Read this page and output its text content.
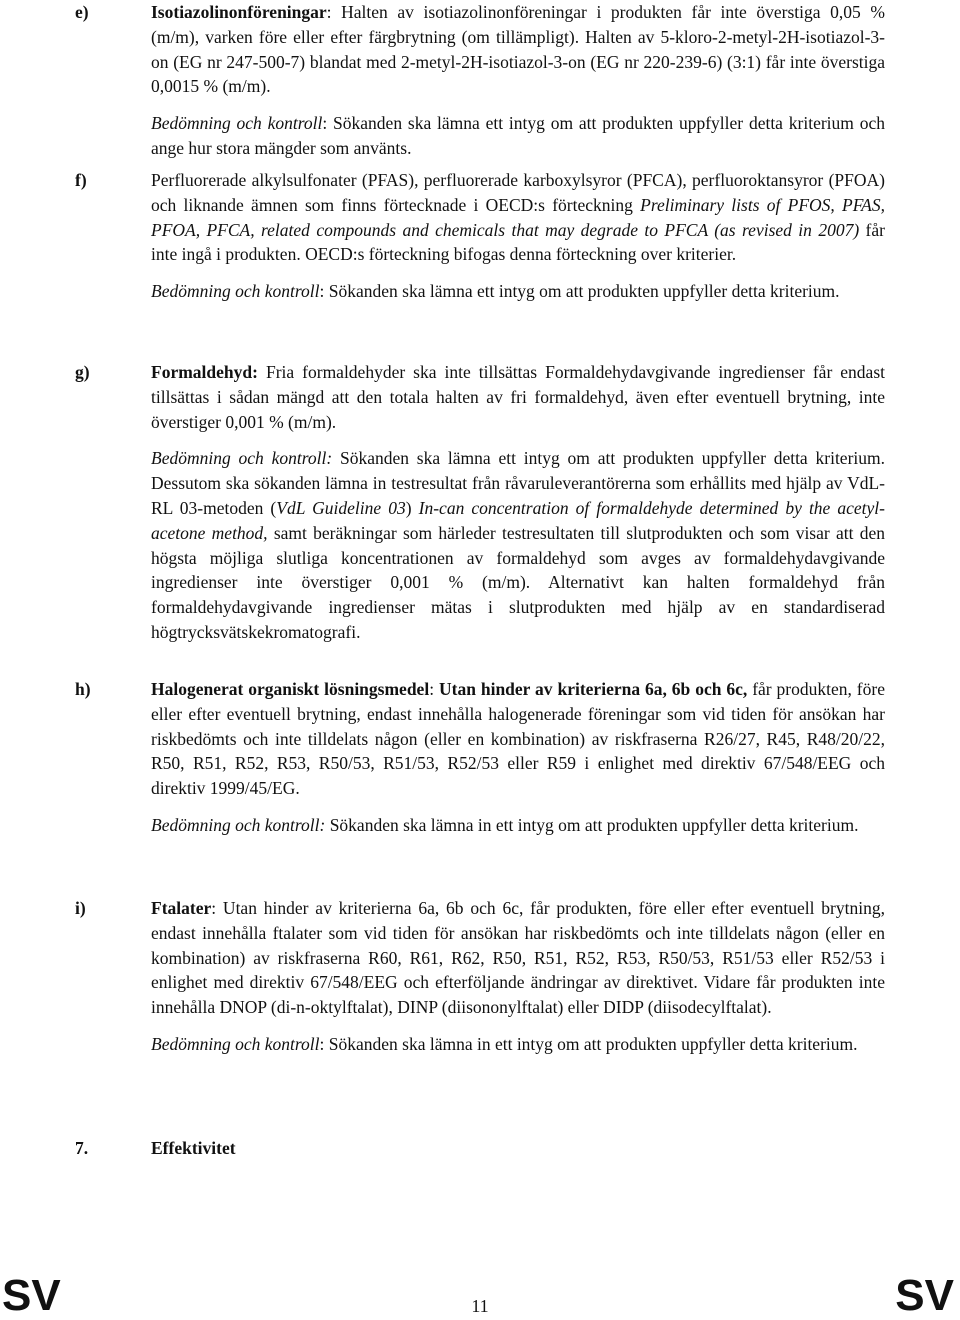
e)	Isotiazolinonföreningar: Halten av isotiazolinonföreningar i produkten får inte överstiga 0,05 % (m/m), varken före eller efter färgbrytning (om tillämpligt). Halten av 5-kloro-2-metyl-2H-isotiazol-3-on (EG nr 247-500-7) blandat med 2-metyl-2H-isotiazol-3-on (EG nr 220-239-6) (3:1) får inte överstiga 0,0015 % (m/m).

Bedömning och kontroll: Sökanden ska lämna ett intyg om att produkten uppfyller detta kriterium och ange hur stora mängder som använts.

f)	Perfluorerade alkylsulfonater (PFAS), perfluorerade karboxylsyror (PFCA), perfluoroktansyror (PFOA) och liknande ämnen som finns förtecknade i OECD:s förteckning Preliminary lists of PFOS, PFAS, PFOA, PFCA, related compounds and chemicals that may degrade to PFCA (as revised in 2007) får inte ingå i produkten. OECD:s förteckning bifogas denna förteckning over kriterier.

Bedömning och kontroll: Sökanden ska lämna ett intyg om att produkten uppfyller detta kriterium.

g)	Formaldehyd: Fria formaldehyder ska inte tillsättas Formaldehydavgivande ingredienser får endast tillsättas i sådan mängd att den totala halten av fri formaldehyd, även efter eventuell brytning, inte överstiger 0,001 % (m/m).

Bedömning och kontroll: Sökanden ska lämna ett intyg om att produkten uppfyller detta kriterium. Dessutom ska sökanden lämna in testresultat från råvaruleverantörerna som erhållits med hjälp av VdL-RL 03-metoden (VdL Guideline 03) In-can concentration of formaldehyde determined by the acetyl-acetone method, samt beräkningar som härleder testresultaten till slutprodukten och som visar att den högsta möjliga slutliga koncentrationen av formaldehyd som avges av formaldehydavgivande ingredienser inte överstiger 0,001 % (m/m). Alternativt kan halten formaldehyd från formaldehydavgivande ingredienser mätas i slutprodukten med hjälp av en standardiserad högtrycksvätskekromatografi.

h)	Halogenerat organiskt lösningsmedel: Utan hinder av kriterierna 6a, 6b och 6c, får produkten, före eller efter eventuell brytning, endast innehålla halogenerade föreningar som vid tiden för ansökan har riskbedömts och inte tilldelats någon (eller en kombination) av riskfraserna R26/27, R45, R48/20/22, R50, R51, R52, R53, R50/53, R51/53, R52/53 eller R59 i enlighet med direktiv 67/548/EEG och direktiv 1999/45/EG.

Bedömning och kontroll: Sökanden ska lämna in ett intyg om att produkten uppfyller detta kriterium.

i)	Ftalater: Utan hinder av kriterierna 6a, 6b och 6c, får produkten, före eller efter eventuell brytning, endast innehålla ftalater som vid tiden för ansökan har riskbedömts och inte tilldelats någon (eller en kombination) av riskfraserna R60, R61, R62, R50, R51, R52, R53, R50/53, R51/53 eller R52/53 i enlighet med direktiv 67/548/EEG och efterföljande ändringar av direktivet. Vidare får produkten inte innehålla DNOP (di-n-oktylftalat), DINP (diisononylftalat) eller DIDP (diisodecylftalat).

Bedömning och kontroll: Sökanden ska lämna in ett intyg om att produkten uppfyller detta kriterium.

7.	Effektivitet
SV	11	SV
